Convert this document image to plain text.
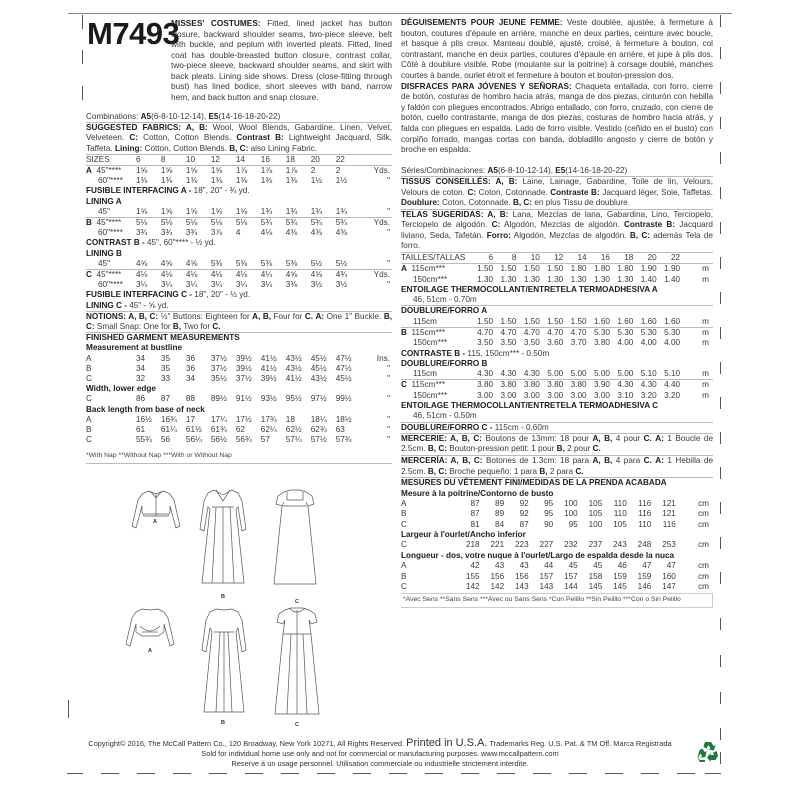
M7493
MISSES' COSTUMES: Fitted, lined jacket has button closure, backward shoulder seams, two-piece sleeve, belt with buckle, and peplum with inverted pleats. Fitted, lined coat has double-breasted button closure, contrast collar, two-piece sleeve, backward shoulder seams, and skirt with back pleats. Lining side shows. Dress (close-fitting through bust) has lined bodice, short sleeves with band, narrow hem, and back button and snap closure.
Combinations: A5(6-8-10-12-14), E5(14-16-18-20-22)
SUGGESTED FABRICS: A, B: Wool, Wool Blends, Gabardine, Linen, Velvet, Velveteen. C: Cotton, Cotton Blends. Contrast B: Lightweight Jacquard, Silk, Taffeta. Lining: Cotton, Cotton Blends. B, C: also Lining Fabric.
SIZES	6	8	10	12	14	16	18	20	22	
A 45"****	1⅝	1⅝	1⅝	1⅝	1⅞	1⅞	1⅞	2	2	Yds.
60"****	1⅜	1⅜	1⅜	1⅜	1⅜	1⅜	1⅜	1½	1½	"
FUSIBLE INTERFACING A - 18", 20" - ¾ yd.										
LINING A										
45"	1⅝	1⅝	1⅝	1⅝	1⅝	1¾	1¾	1¾	1¾	"
B 45"****	5⅛	5⅛	5⅛	5⅛	5⅛	5¾	5¾	5¾	5¾	Yds.
60"****	3¾	3¾	3¾	3⅞	4	4⅛	4⅜	4⅜	4⅜	"
CONTRAST B - 45", 60"**** - ½ yd.										
LINING B										
45"	4⅝	4⅝	4⅝	5⅜	5⅜	5⅜	5⅜	5½	5½	"
C 45"****	4⅛	4⅛	4⅛	4⅛	4⅛	4¼	4⅝	4⅝	4¾	Yds.
60"****	3¼	3¼	3¼	3¼	3¼	3¼	3⅜	3½	3½	"
FUSIBLE INTERFACING C - 18", 20" - ½ yd.										
LINING C - 45" - ⅝ yd.										
NOTIONS: A, B, C: ½" Buttons: Eighteen for A, B, Four for C. A: One 1" Buckle. B, C: Small Snap: One for B, Two for C.
FINISHED GARMENT MEASUREMENTS										
Measurement at bustline										
A	34	35	36	37½	39½	41½	43½	45½	47½	Ins.
B	34	35	36	37½	39½	41½	43½	45½	47½	"
C	32	33	34	35½	37½	39½	41½	43½	45½	"
Width, lower edge										
C	86	87	88	89½	91½	93½	95½	97½	99½	"
Back length from base of neck										
A	16½	16¾	17	17¼	17½	17¾	18	18¼	18½	"
B	61	61¼	61½	61¾	62	62¼	62½	62¾	63	"
C	55¾	56	56¼	56½	56¾	57	57¼	57½	57¾	"
*With Nap **Without Nap ***With or Without Nap
DÉGUISEMENTS POUR JEUNE FEMME: Veste doublée, ajustée, à fermeture à bouton, coutures d'épaule en arrière, manche en deux parties, ceinture avec boucle, et basque à plis creux. Manteau doublé, ajusté, croisé, à fermeture à bouton, col contrastant, manche en deux parties, coutures d'épaule en arrière, et jupe à plis dos. Côté à doublure visible. Robe (moulante sur la poitrine) à corsage doublé, manches courtes à bande, ourlet étroit et fermeture à bouton et bouton-pression dos.
DISFRACES PARA JÓVENES Y SEÑORAS: Chaqueta entallada, con forro, cierre de botón, costuras de hombro hacia atrás, manga de dos piezas, cinturón con hebilla y faldón con pliegues encontrados. Abrigo entallado, con forro, cruzado, con cierre de botón, cuello contrastante, manga de dos piezas, costuras de hombro hacia atrás, y falda con pliegues en espalda. Lado de forro visible. Vestido (ceñido en el busto) con corpiño forrado, mangas cortas con banda, dobladillo angosto y cierre de botón y broche en espalda.
Séries/Combinaciones: A5(6-8-10-12-14), E5(14-16-18-20-22)
TISSUS CONSEILLÉS: A, B: Laine, Lainage, Gabardine, Toile de lin, Velours, Velours de coton. C: Coton, Cotonnade. Contraste B: Jacquard léger, Soie, Taffetas. Doublure: Coton, Cotonnade. B, C: en plus Tissu de doublure.
TELAS SUGERIDAS: A, B: Lana, Mezclas de lana, Gabardina, Lino, Terciopelo, Terciopelo de algodón. C: Algodón, Mezclas de algodón. Contraste B: Jacquard liviano, Seda, Tafetán. Forro: Algodón, Mezclas de algodón. B, C: además Tela de forro.
TAILLES/TALLAS	6	8	10	12	14	16	18	20	22	
A 115cm***	1.50	1.50	1.50	1.50	1.80	1.80	1.80	1.90	1.90	m
150cm***	1.30	1.30	1.30	1.30	1.30	1.30	1.30	1.40	1.40	m
ENTOILAGE THERMOCOLLANT/ENTRETELA TERMOADHESIVA A										
46, 51cm - 0.70m										
DOUBLURE/FORRO A										
115cm	1.50	1.50	1.50	1.50	1.50	1.60	1.60	1.60	1.60	m
B 115cm***	4.70	4.70	4.70	4.70	4.70	5.30	5.30	5.30	5.30	m
150cm***	3.50	3.50	3.50	3.60	3.70	3.80	4.00	4.00	4.00	m
CONTRASTE B - 115, 150cm*** - 0.50m										
DOUBLURE/FORRO B										
115cm	4.30	4.30	4.30	5.00	5.00	5.00	5.00	5.10	5.10	m
C 115cm***	3.80	3.80	3.80	3.80	3.80	3.90	4.30	4.30	4.40	m
150cm***	3.00	3.00	3.00	3.00	3.00	3.00	3.10	3.20	3.20	m
ENTOILAGE THERMOCOLLANT/ENTRETELA TERMOADHESIVA C										
46, 51cm - 0.50m										
DOUBLURE/FORRO C - 115cm - 0.60m										
MERCERIE: A, B, C: Boutons de 13mm: 18 pour A, B, 4 pour C. A: 1 Boucle de 2.5cm. B, C: Bouton-pression petit: 1 pour B, 2 pour C.
MERCERÍA: A, B, C: Botones de 1.3cm: 18 para A, B, 4 para C. A: 1 Hebilla de 2.5cm. B, C: Broche pequeño: 1 para B, 2 para C.
MESURES DU VÊTEMENT FINI/MEDIDAS DE LA PRENDA ACABADA										
Mesure à la poitrine/Contorno de busto										
A	87	89	92	95	100	105	110	116	121	cm
B	87	89	92	95	100	105	110	116	121	cm
C	81	84	87	90	95	100	105	110	116	cm
Largeur à l'ourlet/Ancho inferior										
C	218	221	223	227	232	237	243	248	253	cm
Longueur - dos, votre nuque à l'ourlet/Largo de espalda desde la nuca										
A	42	43	43	44	45	45	46	47	47	cm
B	155	156	156	157	157	158	159	159	160	cm
C	142	142	143	143	144	145	145	146	147	cm
*Avec Sens **Sans Sens ***Avec ou Sans Sens *Con Pelillo **Sin Pelillo ***Con o Sin Pelillo
A
B
C
A
B	C
Copyright© 2016, The McCall Pattern Co., 120 Broadway, New York 10271, All Rights Reserved. Printed in U.S.A. Trademarks Reg. U.S. Pat. & TM Off. Marca Registrada
Sold for individual home use only and not for commercial or manufacturing purposes. www.mccallpattern.com
Reserve à un usage personnel. Utilisation commerciale ou industrielle strictement interdite.
